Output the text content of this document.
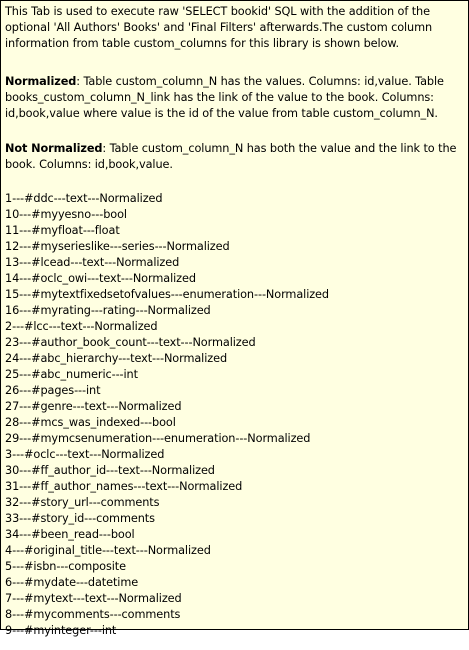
This Tab is used to execute raw 'SELECT bookid' SQL with the addition of the optional 'All Authors' Books' and 'Final Filters' afterwards.The custom column information from table custom_columns for this library is shown below.

Normalized: Table custom_column_N has the values. Columns: id,value. Table books_custom_column_N_link has the link of the value to the book. Columns: id,book,value where value is the id of the value from table custom_column_N.

Not Normalized: Table custom_column_N has both the value and the link to the book. Columns: id,book,value.

1---#ddc---text---Normalized
10---#myyesno---bool
11---#myfloat---float
12---#myserieslike---series---Normalized
13---#lcead---text---Normalized
14---#oclc_owi---text---Normalized
15---#mytextfixedsetofvalues---enumeration---Normalized
16---#myrating---rating---Normalized
2---#lcc---text---Normalized
23---#author_book_count---text---Normalized
24---#abc_hierarchy---text---Normalized
25---#abc_numeric---int
26---#pages---int
27---#genre---text---Normalized
28---#mcs_was_indexed---bool
29---#mymcsenumeration---enumeration---Normalized
3---#oclc---text---Normalized
30---#ff_author_id---text---Normalized
31---#ff_author_names---text---Normalized
32---#story_url---comments
33---#story_id---comments
34---#been_read---bool
4---#original_title---text---Normalized
5---#isbn---composite
6---#mydate---datetime
7---#mytext---text---Normalized
8---#mycomments---comments
9---#myinteger---int
